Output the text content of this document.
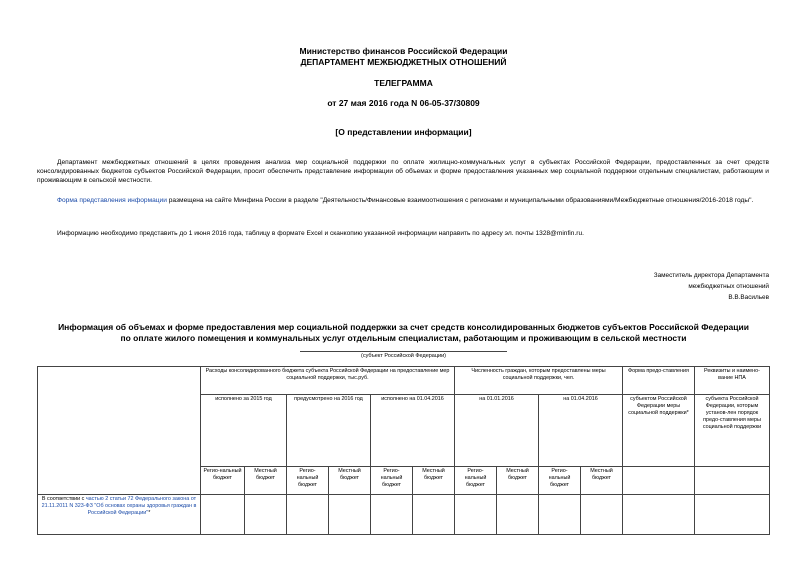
Министерство финансов Российской Федерации
ДЕПАРТАМЕНТ МЕЖБЮДЖЕТНЫХ ОТНОШЕНИЙ
ТЕЛЕГРАММА
от 27 мая 2016 года N 06-05-37/30809
[О представлении информации]
Департамент межбюджетных отношений в целях проведения анализа мер социальной поддержки по оплате жилищно-коммунальных услуг в субъектах Российской Федерации, предоставленных за счет средств консолидированных бюджетов субъектов Российской Федерации, просит обеспечить представление информации об объемах и форме предоставления указанных мер социальной поддержки отдельным специалистам, работающим и проживающим в сельской местности.
Форма представления информации размещена на сайте Минфина России в разделе "Деятельность/Финансовые взаимоотношения с регионами и муниципальными образованиями/Межбюджетные отношения/2016-2018 годы".
Информацию необходимо представить до 1 июня 2016 года, таблицу в формате Excel и сканкопию указанной информации направить по адресу эл. почты 1328@minfin.ru.
Заместитель директора Департамента
межбюджетных отношений
В.В.Васильев
Информация об объемах и форме предоставления мер социальной поддержки за счет средств консолидированных бюджетов субъектов Российской Федерации
по оплате жилого помещения и коммунальных услуг отдельным специалистам, работающим и проживающим в сельской местности
(субъект Российской Федерации)
	Расходы консолидированного бюджета субъекта Российской Федерации на предоставление мер социальной поддержки, тыс.руб.						Численность граждан, которым предоставлены меры социальной поддержки, чел.				Форма предо-ставления	Реквизиты и наимено-вание НПА
	исполнено за 2015 год		предусмотрено на 2016 год		исполнено на 01.04.2016		на 01.01.2016		на 01.04.2016		субъектом Российской Федерации меры социальной поддержки*	субъекта Российской Федерации, которым установ-лен порядок предо-ставления меры социальной поддержки
	Регио-нальный бюджет	Местный бюджет	Регио-нальный бюджет	Местный бюджет	Регио-нальный бюджет	Местный бюджет	Регио-нальный бюджет	Местный бюджет	Регио-нальный бюджет	Местный бюджет		
В соответствии с частью 2 статьи 72 Федерального закона от 21.11.2011 N 323-ФЗ "Об основах охраны здоровья граждан в Российской Федерации"*												
